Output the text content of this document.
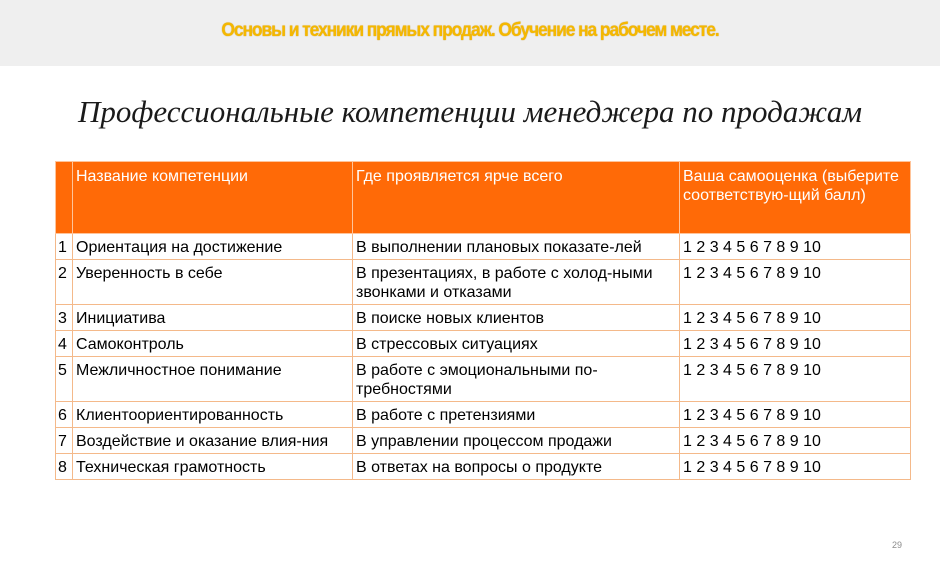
Основы и техники прямых продаж. Обучение на рабочем месте.
Профессиональные компетенции менеджера по продажам
	Название компетенции	Где проявляется ярче всего	Ваша самооценка (выберите соответствую-щий балл)
1	Ориентация на достижение	В выполнении плановых показате-лей	1 2 3 4 5 6 7 8 9 10
2	Уверенность в себе	В презентациях, в работе с холод-ными звонками и отказами	1 2 3 4 5 6 7 8 9 10
3	Инициатива	В поиске новых клиентов	1 2 3 4 5 6 7 8 9 10
4	Самоконтроль	В стрессовых ситуациях	1 2 3 4 5 6 7 8 9 10
5	Межличностное понимание	В работе с эмоциональными по-требностями	1 2 3 4 5 6 7 8 9 10
6	Клиентоориентированность	В работе с претензиями	1 2 3 4 5 6 7 8 9 10
7	Воздействие и оказание влия-ния	В управлении процессом продажи	1 2 3 4 5 6 7 8 9 10
8	Техническая грамотность	В ответах на вопросы о продукте	1 2 3 4 5 6 7 8 9 10
29
